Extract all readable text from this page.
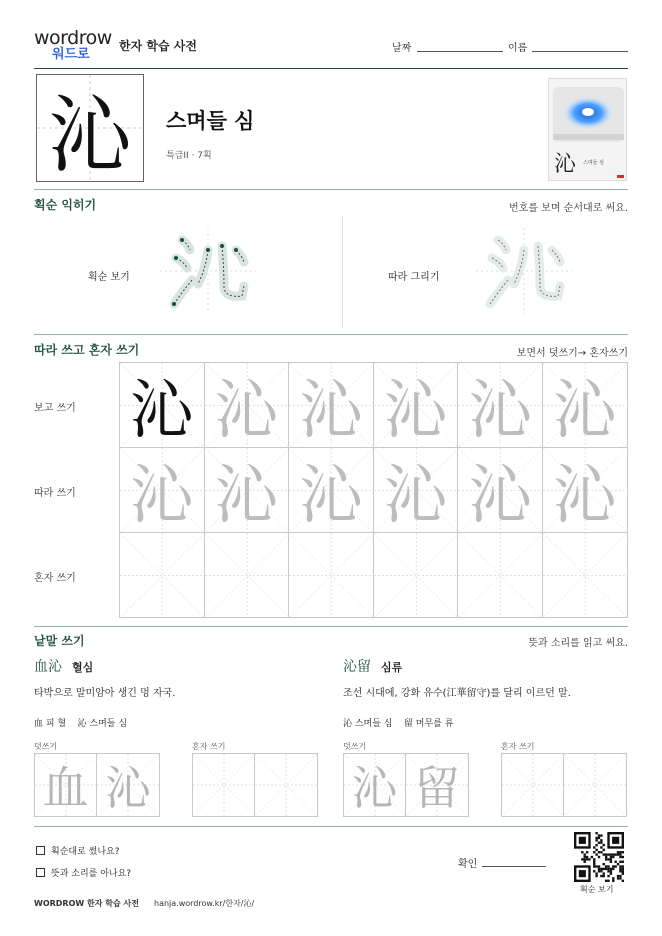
wordrow
워드로
한자 학습 사전	날짜	이름
沁	스며들 심
특급II · 7획	沁 스며들 심
획순 익히기	번호를 보며 순서대로 써요.
획순 보기	따라 그리기
따라 쓰고 혼자 쓰기	보면서 덧쓰기→ 혼자쓰기
보고 쓰기
따라 쓰기
혼자 쓰기
沁 沁 沁 沁 沁 沁
沁 沁 沁 沁 沁 沁
낱말 쓰기	뜻과 소리를 읽고 써요.
血沁 혈심
타박으로 말미암아 생긴 멍 자국.
血 피 혈    沁 스며들 심
덧쓰기	혼자 쓰기
沁留 심류
조선 시대에, 강화 유수(江華留守)를 달리 이르던 말.
沁 스며들 심    留 머무를 류
덧쓰기	혼자 쓰기
血 沁	沁 留
획순대로 썼나요?
뜻과 소리를 아나요?
확인
획순 보기
WORDROW 한자 학습 사전 hanja.wordrow.kr/한자/沁/
